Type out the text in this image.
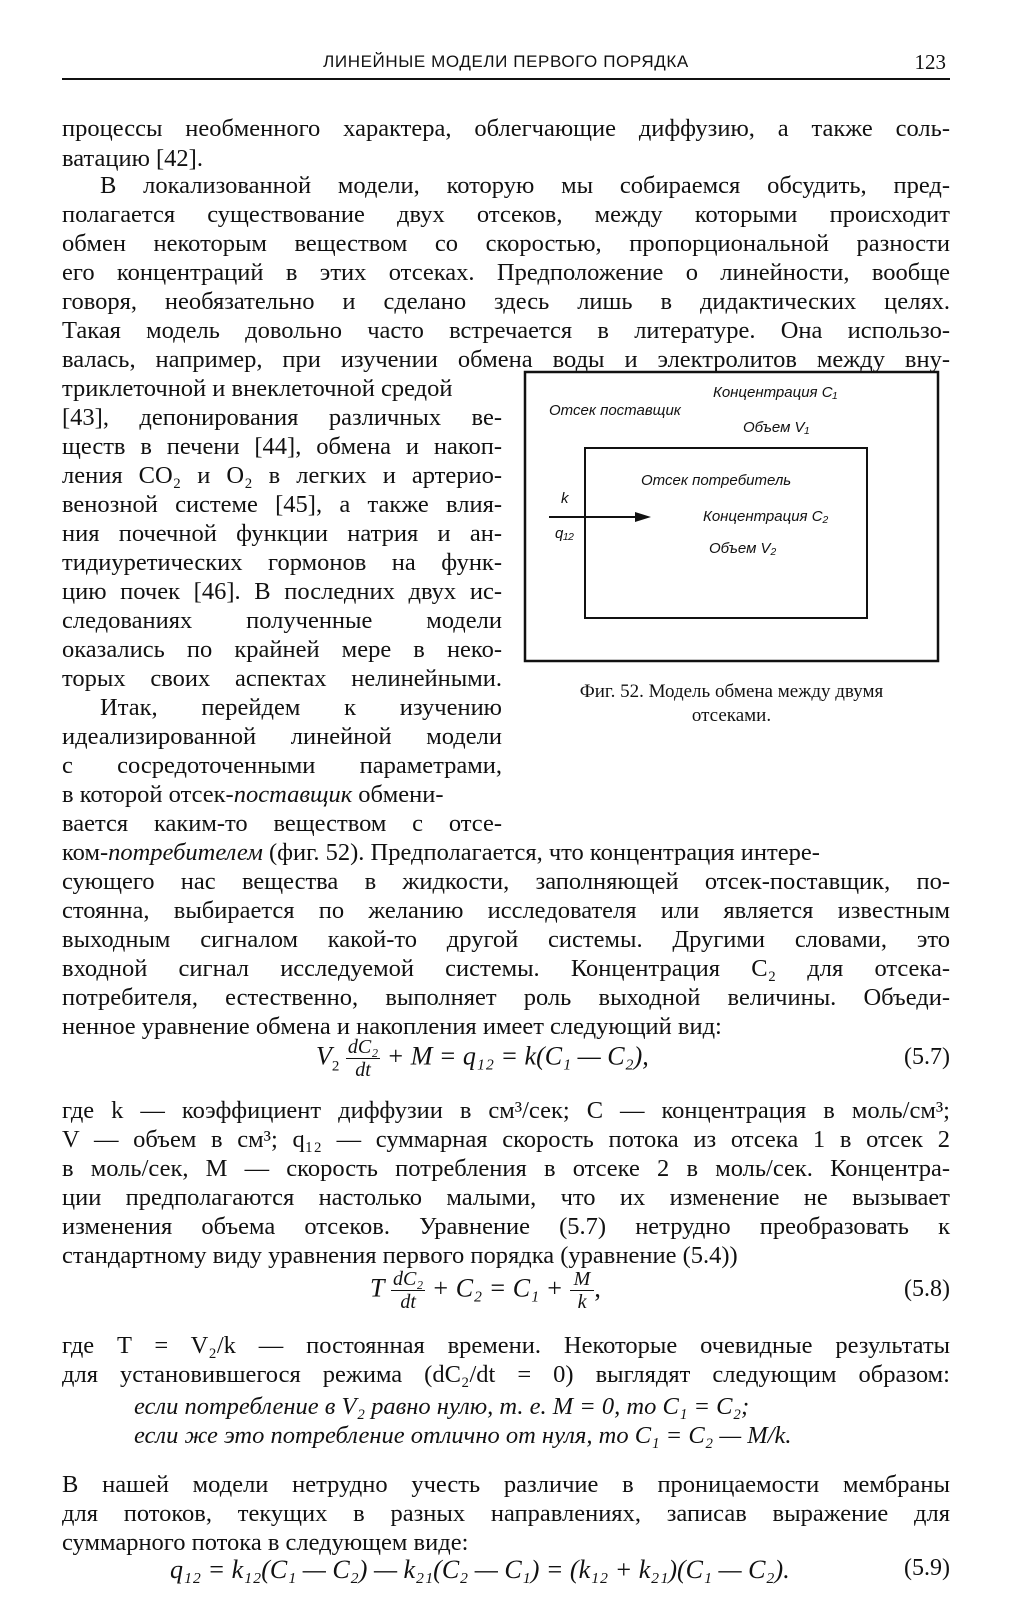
ЛИНЕЙНЫЕ МОДЕЛИ ПЕРВОГО ПОРЯДКА	123
процессы необменного характера, облегчающие диффузию, а также соль-
ватацию [42].
В локализованной модели, которую мы собираемся обсудить, пред-
полагается существование двух отсеков, между которыми происходит
обмен некоторым веществом со скоростью, пропорциональной разности
его концентраций в этих отсеках. Предположение о линейности, вообще
говоря, необязательно и сделано здесь лишь в дидактических целях.
Такая модель довольно часто встречается в литературе. Она использо-
валась, например, при изучении обмена воды и электролитов между вну-
триклеточной и внеклеточной средой
[43], депонирования различных ве-
ществ в печени [44], обмена и накоп-
ления CO₂ и O₂ в легких и артерио-
венозной системе [45], а также влия-
ния почечной функции натрия и ан-
тидиуретических гормонов на функ-
цию почек [46]. В последних двух ис-
следованиях полученные модели
оказались по крайней мере в неко-
торых своих аспектах нелинейными.
Итак, перейдем к изучению
идеализированной линейной модели
с сосредоточенными параметрами,
в которой отсек-поставщик обмени-
вается каким-то веществом с отсе-
Отсек поставщик
Концентрация C₁
Объем V₁
Отсек потребитель
Концентрация C₂
Объем V₂
k
q₁₂
Фиг. 52. Модель обмена между двумя
отсеками.
ком-потребителем (фиг. 52). Предполагается, что концентрация интере-
сующего нас вещества в жидкости, заполняющей отсек-поставщик, по-
стоянна, выбирается по желанию исследователя или является известным
выходным сигналом какой-то другой системы. Другими словами, это
входной сигнал исследуемой системы. Концентрация C₂ для отсека-
потребителя, естественно, выполняет роль выходной величины. Объеди-
ненное уравнение обмена и накопления имеет следующий вид:
$V_2 \frac{\text{dC₂}}{dt} + M = q_{12} = k(C_1$ — C₂),	(5.7)
где k — коэффициент диффузии в см³/сек; C — концентрация в моль/см³;
V — объем в см³; q₁₂ — суммарная скорость потока из отсека 1 в отсек 2
в моль/сек, M — скорость потребления в отсеке 2 в моль/сек. Концентра-
ции предполагаются настолько малыми, что их изменение не вызывает
изменения объема отсеков. Уравнение (5.7) нетрудно преобразовать к
стандартному виду уравнения первого порядка (уравнение (5.4))
T $\frac{\text{dC₂}}{dt} + C_2 = C_1 + \frac{M}{k}$ ,	(5.8)
где T = V₂/k — постоянная времени. Некоторые очевидные результаты
для установившегося режима (dC₂/dt = 0) выглядят следующим образом:
если потребление в V₂ равно нулю, т. е. M = 0, то C₁ = C₂;
если же это потребление отлично от нуля, то C₁ = C₂ — M/k.
В нашей модели нетрудно учесть различие в проницаемости мембраны
для потоков, текущих в разных направлениях, записав выражение для
суммарного потока в следующем виде:
q₁₂ = k₁₂(C₁ — C₂) — k₂₁(C₂ — C₁) = (k₁₂ + k₂₁)(C₁ — C₂).	(5.9)
